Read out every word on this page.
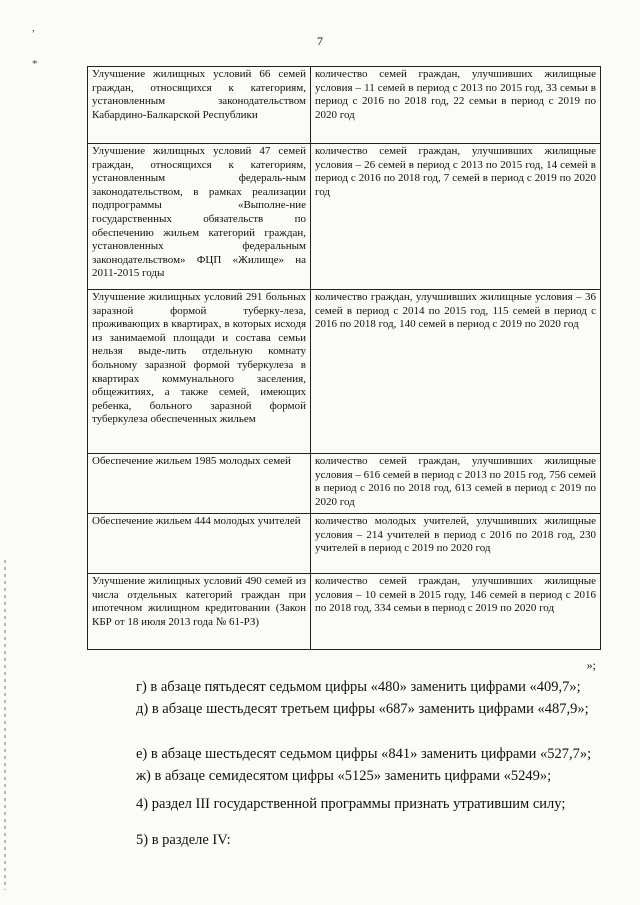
7
,
*
Улучшение жилищных условий 66 семей граждан, относящихся к категориям, установленным законодательством Кабардино-Балкарской Республики	количество семей граждан, улучшивших жилищные условия – 11 семей в период с 2013 по 2015 год, 33 семьи в период с 2016 по 2018 год, 22 семьи в период с 2019 по 2020 год
Улучшение жилищных условий 47 семей граждан, относящихся к категориям, установленным федераль-ным законодательством, в рамках реализации подпрограммы «Выполне-ние государственных обязательств по обеспечению жильем категорий граждан, установленных федеральным законодательством» ФЦП «Жилище» на 2011-2015 годы	количество семей граждан, улучшивших жилищные условия – 26 семей в период с 2013 по 2015 год, 14 семей в период с 2016 по 2018 год, 7 семей в период с 2019 по 2020 год
Улучшение жилищных условий 291 больных заразной формой туберку-леза, проживающих в квартирах, в которых исходя из занимаемой площади и состава семьи нельзя выде-лить отдельную комнату больному заразной формой туберкулеза в квартирах коммунального заселения, общежитиях, а также семей, имеющих ребенка, больного заразной формой туберкулеза обеспеченных жильем	количество граждан, улучшивших жилищные условия – 36 семей в период с 2014 по 2015 год, 115 семей в период с 2016 по 2018 год, 140 семей в период с 2019 по 2020 год
Обеспечение жильем 1985 молодых семей	количество семей граждан, улучшивших жилищные условия – 616 семей в период с 2013 по 2015 год, 756 семей в период с 2016 по 2018 год, 613 семей в период с 2019 по 2020 год
Обеспечение жильем 444 молодых учителей	количество молодых учителей, улучшивших жилищные условия – 214 учителей в период с 2016 по 2018 год, 230 учителей в период с 2019 по 2020 год
Улучшение жилищных условий 490 семей из числа отдельных категорий граждан при ипотечном жилищном кредитовании (Закон КБР от 18 июля 2013 года № 61-РЗ)	количество семей граждан, улучшивших жилищные условия – 10 семей в 2015 году, 146 семей в период с 2016 по 2018 год, 334 семьи в период с 2019 по 2020 год
»;
г) в абзаце пятьдесят седьмом цифры «480» заменить цифрами «409,7»;
д) в абзаце шестьдесят третьем цифры «687» заменить цифрами «487,9»;
е) в абзаце шестьдесят седьмом цифры «841» заменить цифрами «527,7»;
ж) в абзаце семидесятом цифры «5125» заменить цифрами «5249»;
4) раздел III государственной программы признать утратившим силу;
5) в разделе IV:
